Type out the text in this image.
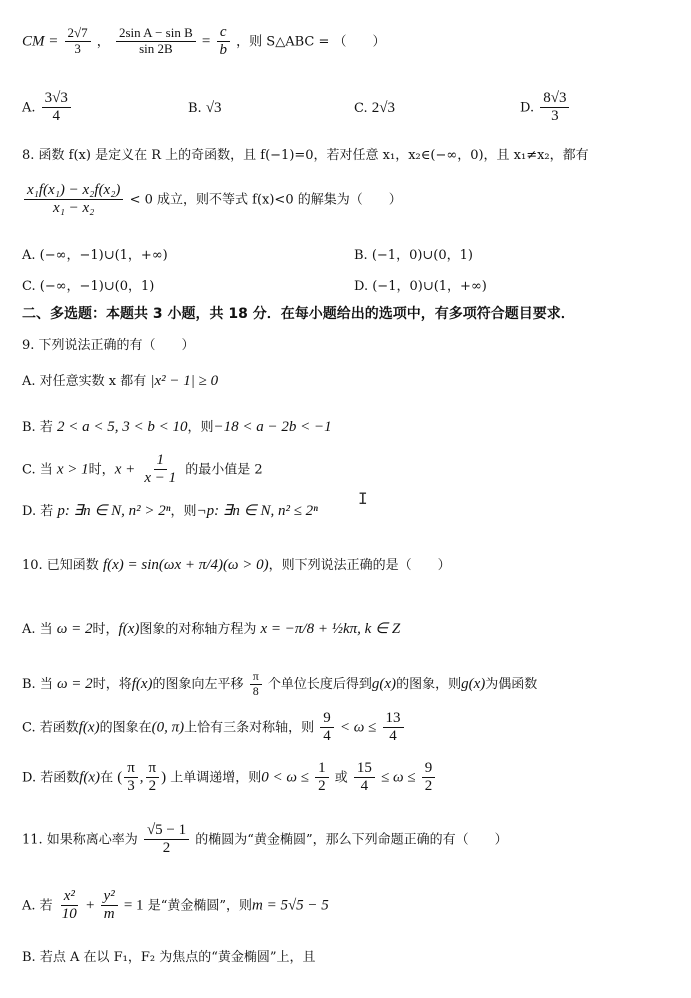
CM = $\frac{2√7}{3}$ ， $\frac{\text{2sin A − sin B}}{\sin 2B} = \frac{c}{b}$ ，则 S△ABC = （　　）
A. $\frac{3√3}{4}$	B. √3	C. 2√3	D. $\frac{8√3}{3}$
8. 函数 f(x) 是定义在 R 上的奇函数，且 f(−1)=0，若对任意 x₁，x₂∈(−∞，0)，且 x₁≠x₂，都有
$\frac{\text{x₁f(x₁) − x₂f(x₂)}}{\text{x₁ − x₂}} < 0$ 成立，则不等式 f(x)<0 的解集为（　　）
A. (−∞，−1)∪(1，+∞)	B. (−1，0)∪(0，1)
C. (−∞，−1)∪(0，1)	D. (−1，0)∪(1，+∞)
二、多选题：本题共 3 小题，共 18 分．在每小题给出的选项中，有多项符合题目要求．
9. 下列说法正确的有（　　）
A. 对任意实数 x 都有 |x² − 1| ≥ 0
B. 若 2 < a < 5, 3 < b < 10，则−18 < a − 2b < −1
C. 当 x > 1时，$x + \frac{1}{x - 1}$ 的最小值是 2
D. 若 p: ∃n ∈ N, n² > 2ⁿ，则¬p: ∃n ∈ N, n² ≤ 2ⁿ
I
10. 已知函数 f(x) = sin(ωx + π/4)(ω > 0)，则下列说法正确的是（　　）
A. 当 ω = 2时，f(x)图象的对称轴方程为 x = −π/8 + ½kπ, k ∈ Z
B. 当 ω = 2时，将f(x)的图象向左平移 $\frac{\pi}{8}$ 个单位长度后得到g(x)的图象，则g(x)为偶函数
C. 若函数f(x)的图象在(0, π)上恰有三条对称轴，则 $\frac{9}{4} < \omega \le \frac{13}{4}$
D. 若函数f(x)在 ( $\frac{\pi}{3}$ , $\frac{\pi}{2}$ ) 上单调递增，则$0 < \omega \le \frac{1}{2}$ 或 $\frac{15}{4} \le \omega \le \frac{9}{2}$
11. 如果称离心率为 $\frac{√5 - 1}{2}$ 的椭圆为“黄金椭圆”，那么下列命题正确的有（　　）
A. 若 $\frac{\text{x²}}{10} + \frac{\text{y²}}{m} = 1$ 是“黄金椭圆”，则m = 5√5 − 5
B. 若点 A 在以 F₁，F₂ 为焦点的“黄金椭圆”上，且
